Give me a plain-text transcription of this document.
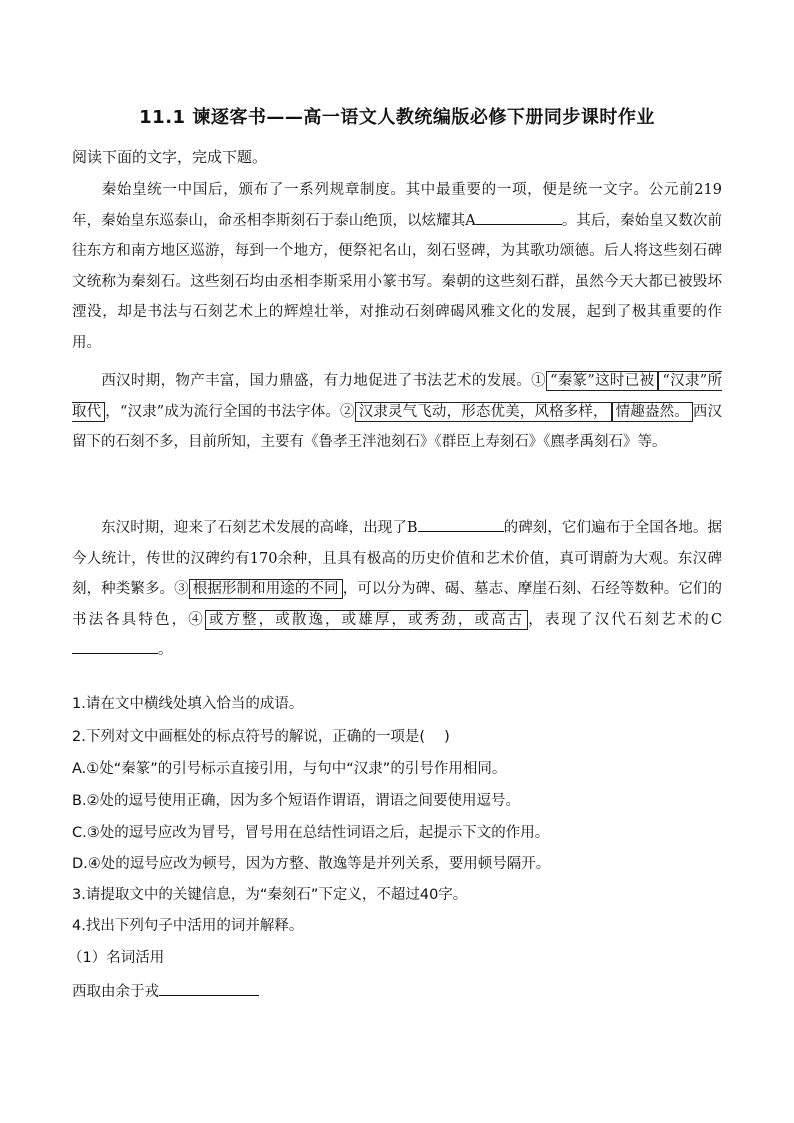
11.1 谏逐客书——高一语文人教统编版必修下册同步课时作业
阅读下面的文字，完成下题。
秦始皇统一中国后，颁布了一系列规章制度。其中最重要的一项，便是统一文字。公元前219年，秦始皇东巡泰山，命丞相李斯刻石于泰山绝顶，以炫耀其A	。其后，秦始皇又数次前往东方和南方地区巡游，每到一个地方，便祭祀名山，刻石竖碑，为其歌功颂德。后人将这些刻石碑文统称为秦刻石。这些刻石均由丞相李斯采用小篆书写。秦朝的这些刻石群，虽然今天大都已被毁坏湮没，却是书法与石刻艺术上的辉煌壮举，对推动石刻碑碣风雅文化的发展，起到了极其重要的作用。
西汉时期，物产丰富，国力鼎盛，有力地促进了书法艺术的发展。① “秦篆”这时已被 “汉隶”所取代 ，“汉隶”成为流行全国的书法字体。② 汉隶灵气飞动，形态优美，风格多样， 情趣盎然。 西汉留下的石刻不多，目前所知，主要有《鲁孝王泮池刻石》《群臣上寿刻石》《麃孝禹刻石》等。
东汉时期，迎来了石刻艺术发展的高峰，出现了B	的碑刻，它们遍布于全国各地。据今人统计，传世的汉碑约有170余种，且具有极高的历史价值和艺术价值，真可谓蔚为大观。东汉碑刻，种类繁多。③ 根据形制和用途的不同 ，可以分为碑、碣、墓志、摩崖石刻、石经等数种。它们的书法各具特色，④ 或方整，或散逸，或雄厚，或秀劲，或高古 ，表现了汉代石刻艺术的C。
1.请在文中横线处填入恰当的成语。
2.下列对文中画框处的标点符号的解说，正确的一项是(　 )
A.①处“秦篆”的引号标示直接引用，与句中“汉隶”的引号作用相同。
B.②处的逗号使用正确，因为多个短语作谓语，谓语之间要使用逗号。
C.③处的逗号应改为冒号，冒号用在总结性词语之后，起提示下文的作用。
D.④处的逗号应改为顿号，因为方整、散逸等是并列关系，要用顿号隔开。
3.请提取文中的关键信息，为“秦刻石”下定义，不超过40字。
4.找出下列句子中活用的词并解释。
（1）名词活用
西取由余于戎
